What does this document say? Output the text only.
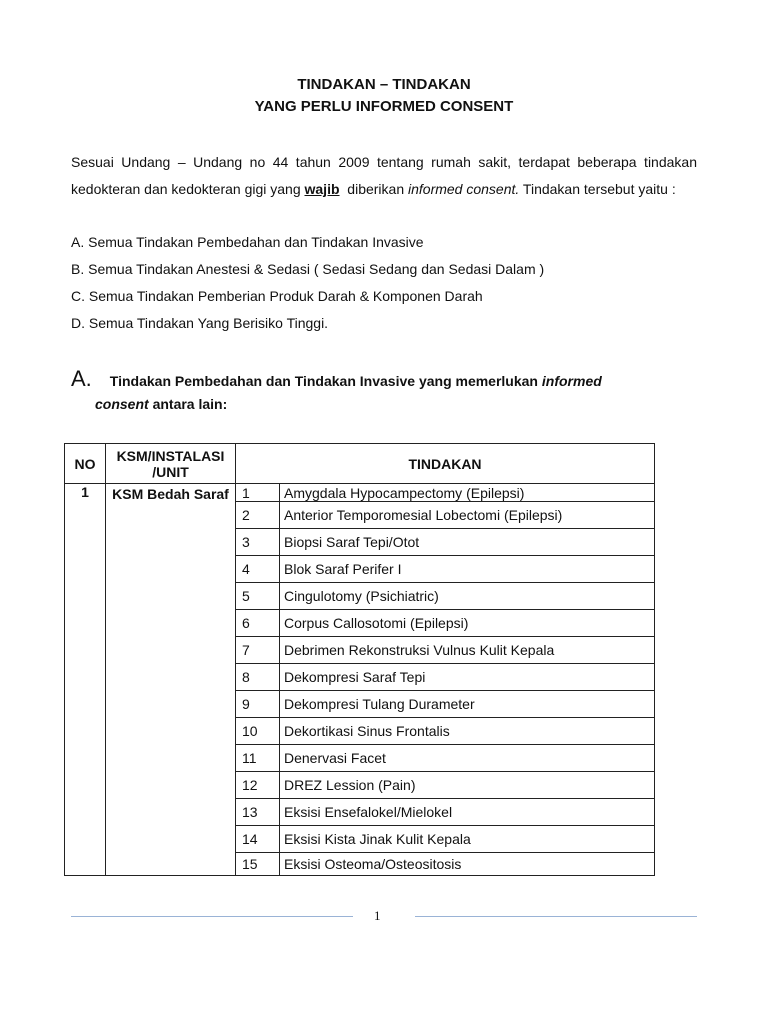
TINDAKAN – TINDAKAN
YANG PERLU INFORMED CONSENT
Sesuai Undang – Undang no 44 tahun 2009 tentang rumah sakit, terdapat beberapa tindakan kedokteran dan kedokteran gigi yang wajib  diberikan informed consent. Tindakan tersebut yaitu :
A. Semua Tindakan Pembedahan dan Tindakan Invasive
B. Semua Tindakan Anestesi & Sedasi ( Sedasi Sedang dan Sedasi Dalam )
C. Semua Tindakan Pemberian Produk Darah & Komponen Darah
D. Semua Tindakan Yang Berisiko Tinggi.
A. Tindakan Pembedahan dan Tindakan Invasive yang memerlukan informed
consent antara lain:
NO	KSM/INSTALASI /UNIT	TINDAKAN	
1	KSM Bedah Saraf	1	Amygdala Hypocampectomy (Epilepsi)
		2	Anterior Temporomesial Lobectomi (Epilepsi)
		3	Biopsi Saraf Tepi/Otot
		4	Blok Saraf Perifer I
		5	Cingulotomy (Psichiatric)
		6	Corpus Callosotomi (Epilepsi)
		7	Debrimen Rekonstruksi Vulnus Kulit Kepala
		8	Dekompresi Saraf Tepi
		9	Dekompresi Tulang Durameter
		10	Dekortikasi Sinus Frontalis
		11	Denervasi Facet
		12	DREZ Lession (Pain)
		13	Eksisi Ensefalokel/Mielokel
		14	Eksisi Kista Jinak Kulit Kepala
		15	Eksisi Osteoma/Osteositosis
1
